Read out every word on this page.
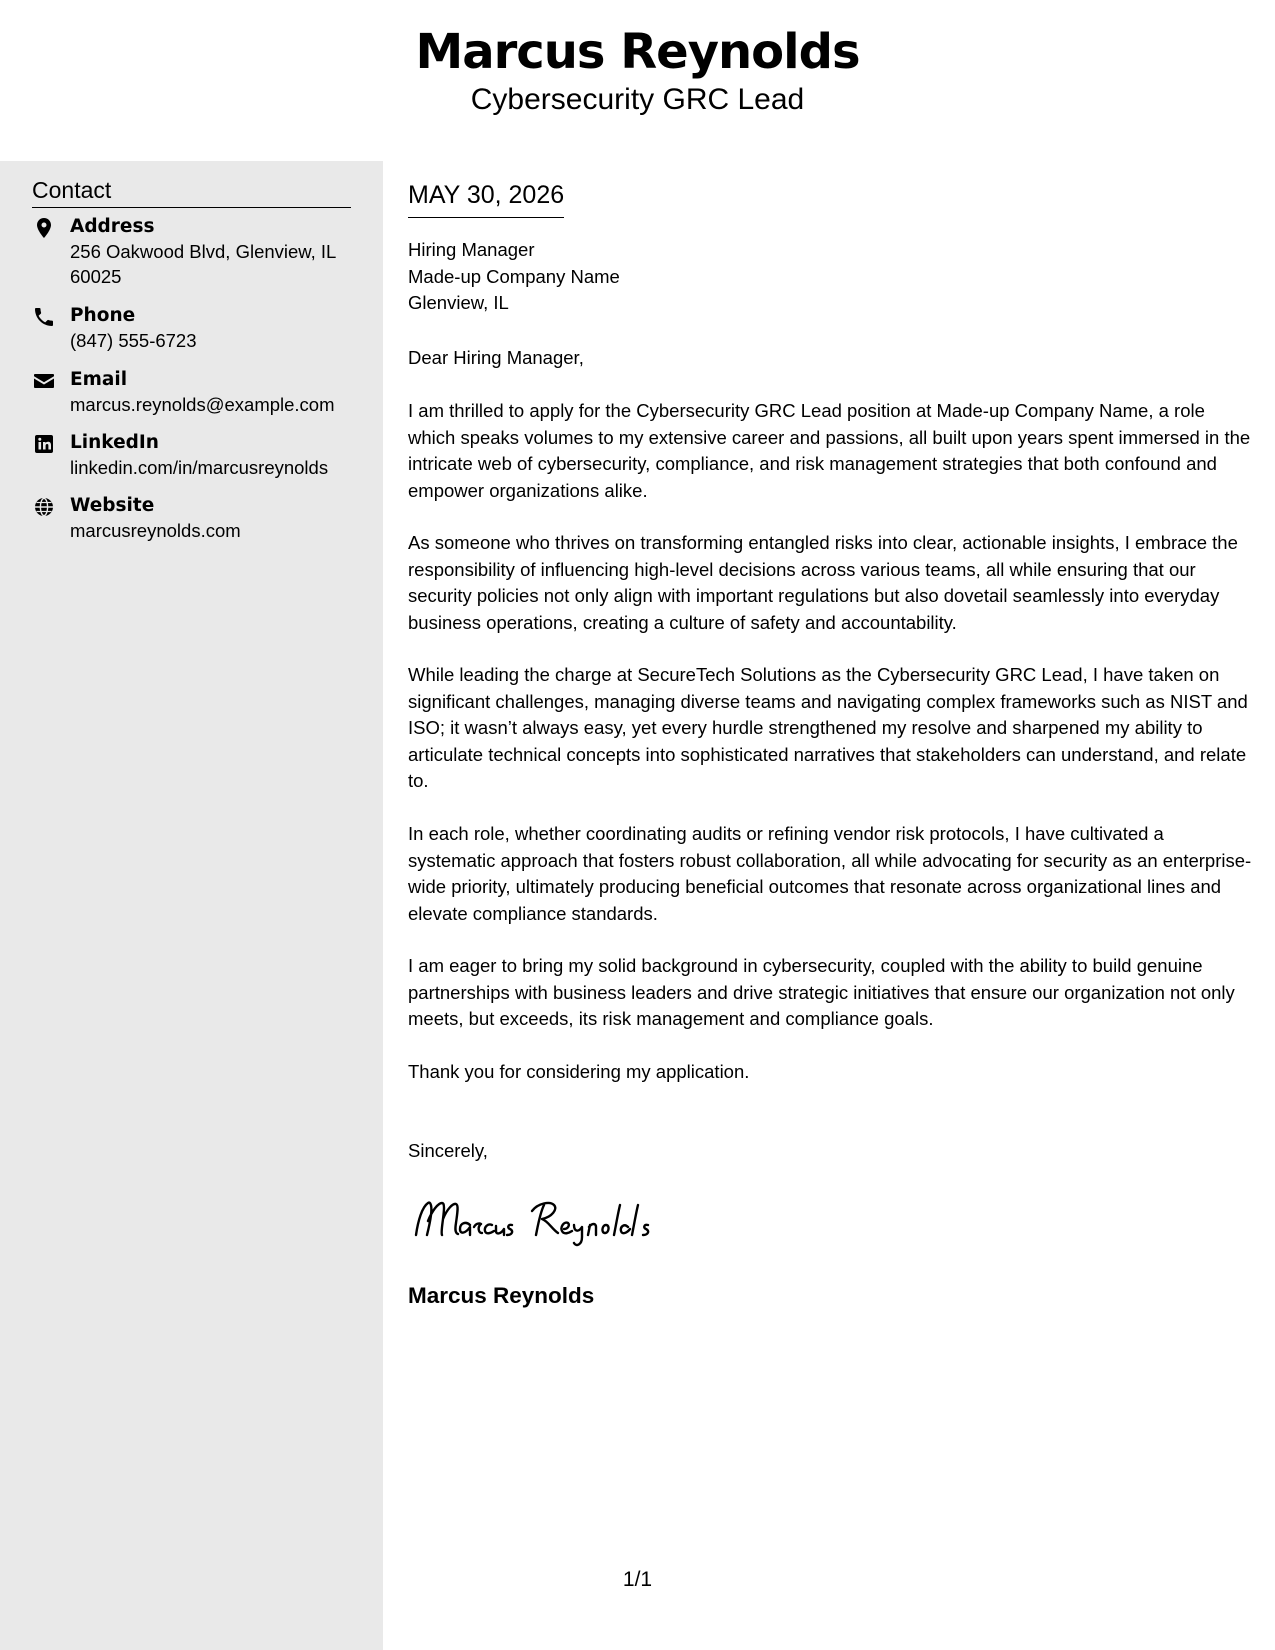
Marcus Reynolds
Cybersecurity GRC Lead
Contact
Address
256 Oakwood Blvd, Glenview, IL 60025
Phone
(847) 555-6723
Email
marcus.reynolds@example.com
LinkedIn
linkedin.com/in/marcusreynolds
Website
marcusreynolds.com
MAY 30, 2026
Hiring Manager
Made-up Company Name
Glenview, IL
Dear Hiring Manager,
I am thrilled to apply for the Cybersecurity GRC Lead position at Made-up Company Name, a role which speaks volumes to my extensive career and passions, all built upon years spent immersed in the intricate web of cybersecurity, compliance, and risk management strategies that both confound and empower organizations alike.
As someone who thrives on transforming entangled risks into clear, actionable insights, I embrace the responsibility of influencing high-level decisions across various teams, all while ensuring that our security policies not only align with important regulations but also dovetail seamlessly into everyday business operations, creating a culture of safety and accountability.
While leading the charge at SecureTech Solutions as the Cybersecurity GRC Lead, I have taken on significant challenges, managing diverse teams and navigating complex frameworks such as NIST and ISO; it wasn’t always easy, yet every hurdle strengthened my resolve and sharpened my ability to articulate technical concepts into sophisticated narratives that stakeholders can understand, and relate to.
In each role, whether coordinating audits or refining vendor risk protocols, I have cultivated a systematic approach that fosters robust collaboration, all while advocating for security as an enterprise-wide priority, ultimately producing beneficial outcomes that resonate across organizational lines and elevate compliance standards.
I am eager to bring my solid background in cybersecurity, coupled with the ability to build genuine partnerships with business leaders and drive strategic initiatives that ensure our organization not only meets, but exceeds, its risk management and compliance goals.
Thank you for considering my application.
Sincerely,
Marcus Reynolds
1/1
